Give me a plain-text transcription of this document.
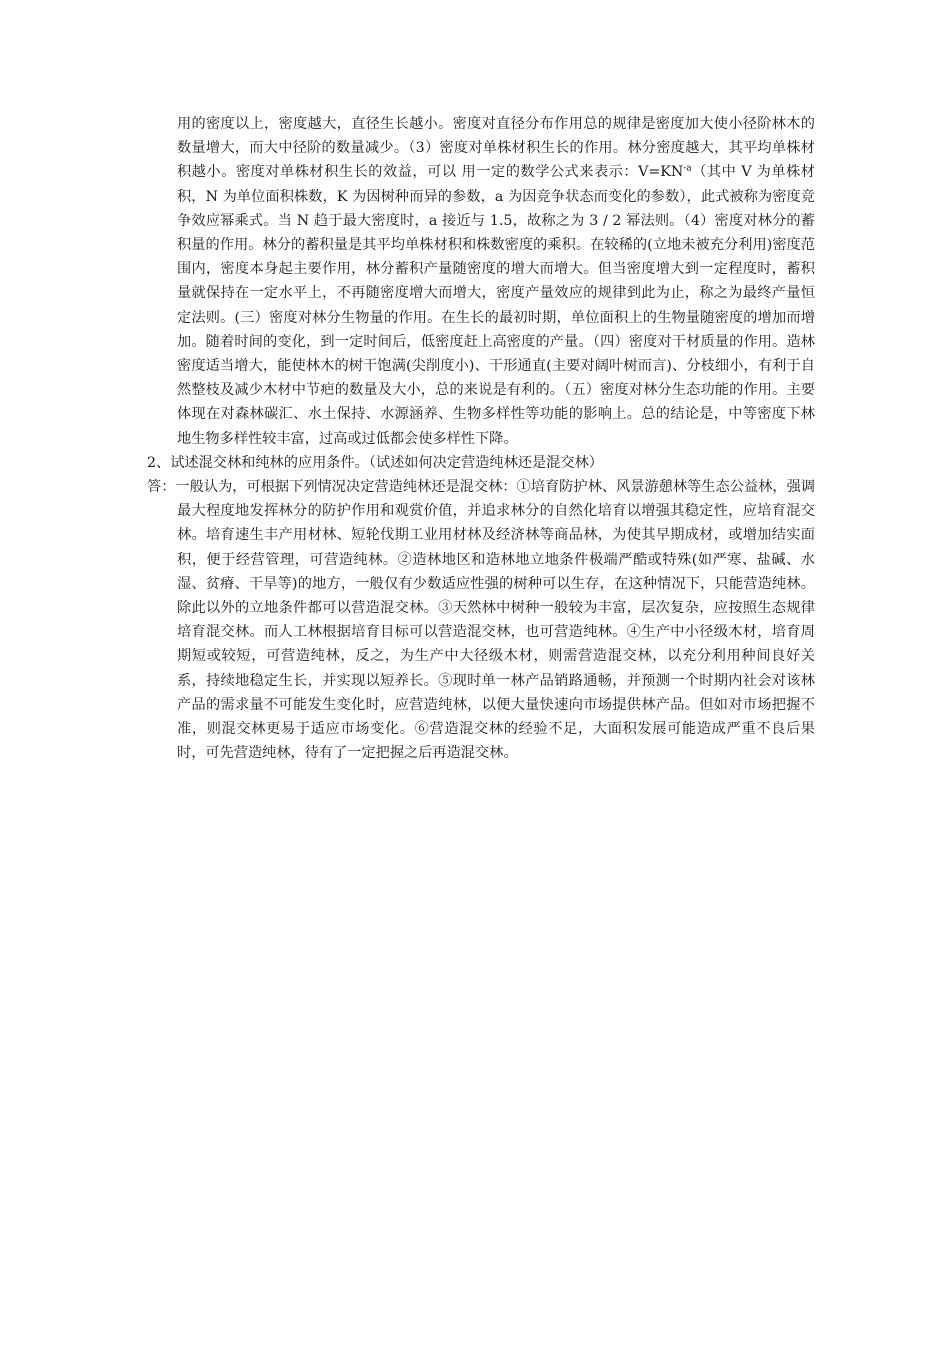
用的密度以上，密度越大，直径生长越小。密度对直径分布作用总的规律是密度加大使小径阶林木的数量增大，而大中径阶的数量减少。（3）密度对单株材积生长的作用。林分密度越大，其平均单株材积越小。密度对单株材积生长的效益，可以 用一定的数学公式来表示：$V=KN^{-a}$（其中 V 为单株材积，N 为单位面积株数，K 为因树种而异的参数，a 为因竞争状态而变化的参数），此式被称为密度竞争效应幂乘式。当 N 趋于最大密度时，a 接近与 1.5，故称之为 3 / 2 幂法则。（4）密度对林分的蓄积量的作用。林分的蓄积量是其平均单株材积和株数密度的乘积。在较稀的(立地未被充分利用)密度范围内，密度本身起主要作用，林分蓄积产量随密度的增大而增大。但当密度增大到一定程度时，蓄积量就保持在一定水平上，不再随密度增大而增大，密度产量效应的规律到此为止，称之为最终产量恒定法则。(三）密度对林分生物量的作用。在生长的最初时期，单位面积上的生物量随密度的增加而增加。随着时间的变化，到一定时间后，低密度赶上高密度的产量。（四）密度对干材质量的作用。造林密度适当增大，能使林木的树干饱满(尖削度小)、干形通直(主要对阔叶树而言)、分枝细小，有利于自然整枝及减少木材中节疤的数量及大小，总的来说是有利的。（五）密度对林分生态功能的作用。主要体现在对森林碳汇、水土保持、水源涵养、生物多样性等功能的影响上。总的结论是，中等密度下林地生物多样性较丰富，过高或过低都会使多样性下降。

2、试述混交林和纯林的应用条件。（试述如何决定营造纯林还是混交林）

答：一般认为，可根据下列情况决定营造纯林还是混交林：①培育防护林、风景游憩林等生态公益林，强调最大程度地发挥林分的防护作用和观赏价值，并追求林分的自然化培育以增强其稳定性，应培育混交林。培育速生丰产用材林、短轮伐期工业用材林及经济林等商品林，为使其早期成材，或增加结实面积，便于经营管理，可营造纯林。②造林地区和造林地立地条件极端严酷或特殊(如严寒、盐碱、水湿、贫瘠、干旱等)的地方，一般仅有少数适应性强的树种可以生存，在这种情况下，只能营造纯林。除此以外的立地条件都可以营造混交林。③天然林中树种一般较为丰富，层次复杂，应按照生态规律培育混交林。而人工林根据培育目标可以营造混交林，也可营造纯林。④生产中小径级木材，培育周期短或较短，可营造纯林，反之，为生产中大径级木材，则需营造混交林，以充分利用种间良好关系，持续地稳定生长，并实现以短养长。⑤现时单一林产品销路通畅，并预测一个时期内社会对该林产品的需求量不可能发生变化时，应营造纯林，以便大量快速向市场提供林产品。但如对市场把握不准，则混交林更易于适应市场变化。⑥营造混交林的经验不足，大面积发展可能造成严重不良后果时，可先营造纯林，待有了一定把握之后再造混交林。
